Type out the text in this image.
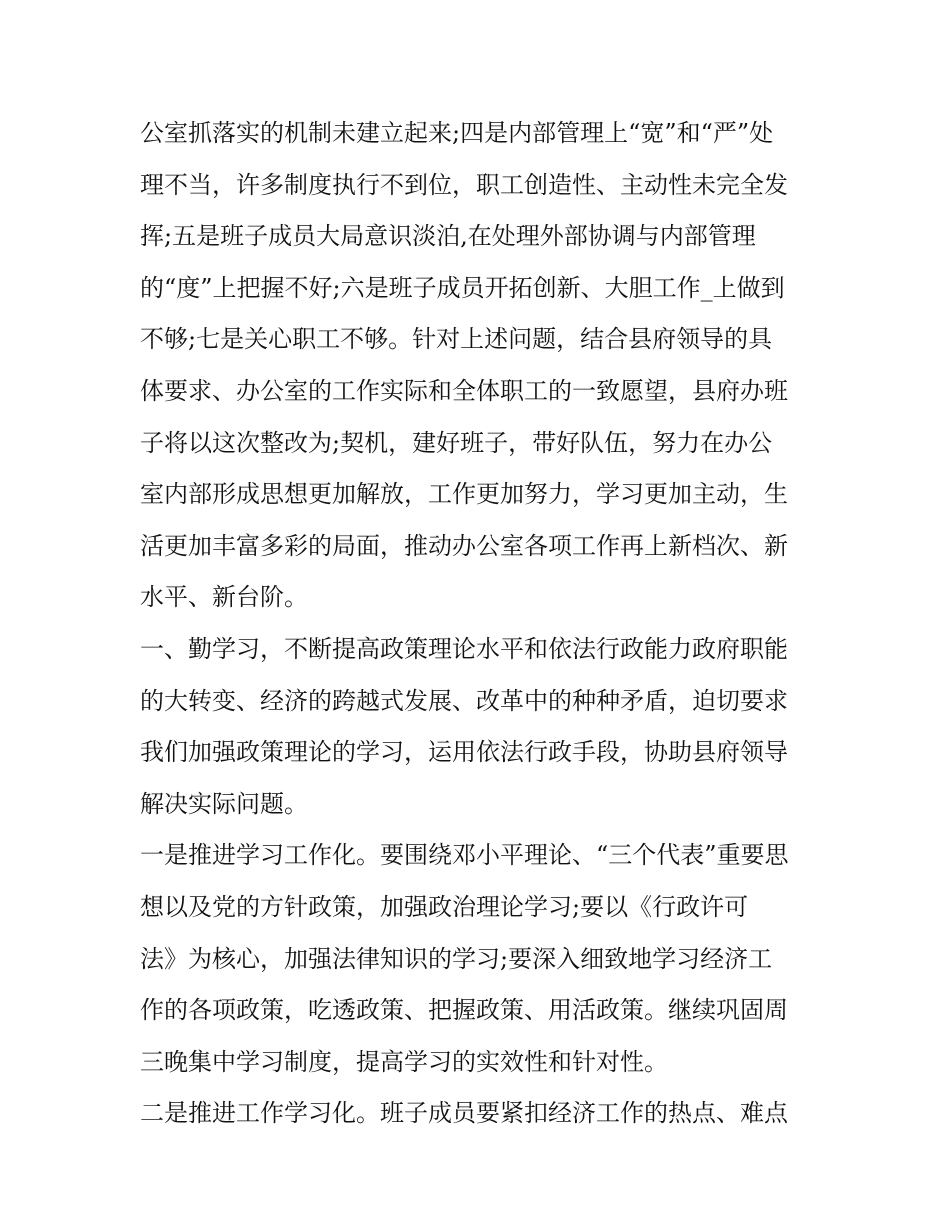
公室抓落实的机制未建立起来;四是内部管理上“宽”和“严”处
理不当，许多制度执行不到位，职工创造性、主动性未完全发
挥;五是班子成员大局意识淡泊,在处理外部协调与内部管理
的“度”上把握不好;六是班子成员开拓创新、大胆工作_上做到
不够;七是关心职工不够。针对上述问题，结合县府领导的具
体要求、办公室的工作实际和全体职工的一致愿望，县府办班
子将以这次整改为;契机，建好班子，带好队伍，努力在办公
室内部形成思想更加解放，工作更加努力，学习更加主动，生
活更加丰富多彩的局面，推动办公室各项工作再上新档次、新
水平、新台阶。
一、勤学习，不断提高政策理论水平和依法行政能力政府职能
的大转变、经济的跨越式发展、改革中的种种矛盾，迫切要求
我们加强政策理论的学习，运用依法行政手段，协助县府领导
解决实际问题。
一是推进学习工作化。要围绕邓小平理论、“三个代表”重要思
想以及党的方针政策，加强政治理论学习;要以《行政许可
法》为核心，加强法律知识的学习;要深入细致地学习经济工
作的各项政策，吃透政策、把握政策、用活政策。继续巩固周
三晚集中学习制度，提高学习的实效性和针对性。
二是推进工作学习化。班子成员要紧扣经济工作的热点、难点
